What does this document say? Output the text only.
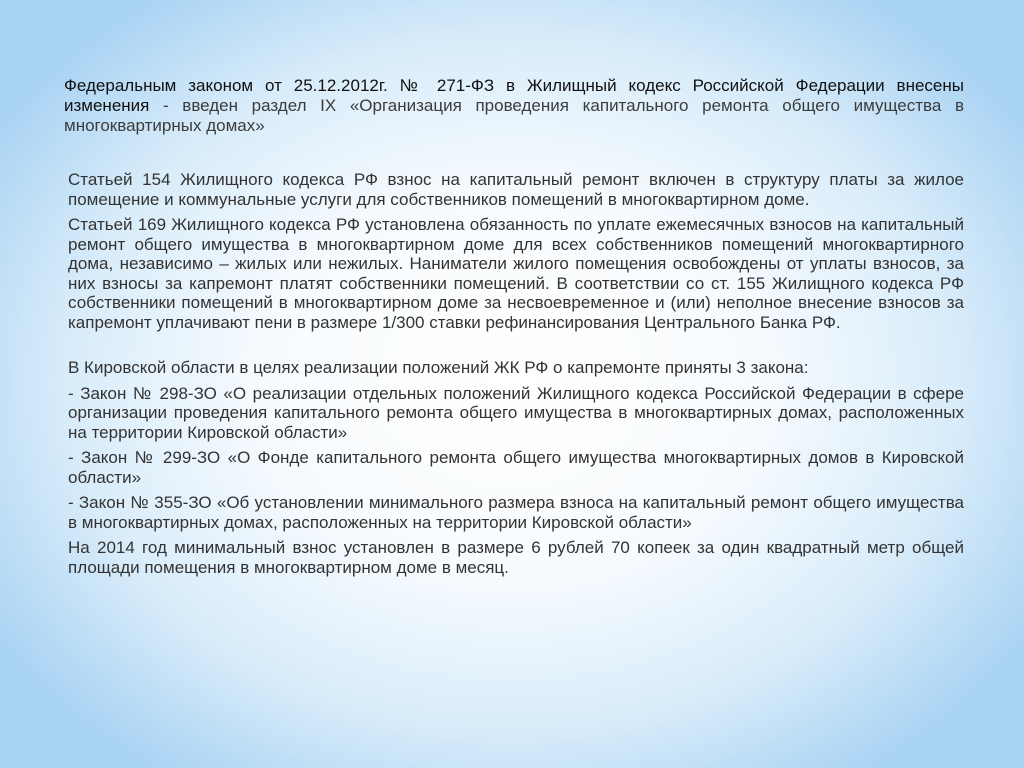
Федеральным законом от 25.12.2012г. № 271-ФЗ в Жилищный кодекс Российской Федерации внесены изменения - введен раздел IX «Организация проведения капитального ремонта общего имущества в многоквартирных домах»

Статьей 154 Жилищного кодекса РФ взнос на капитальный ремонт включен в структуру платы за жилое помещение и коммунальные услуги для собственников помещений в многоквартирном доме.

Статьей 169 Жилищного кодекса РФ установлена обязанность по уплате ежемесячных взносов на капитальный ремонт общего имущества в многоквартирном доме для всех собственников помещений многоквартирного дома, независимо – жилых или нежилых. Наниматели жилого помещения освобождены от уплаты взносов, за них взносы за капремонт платят собственники помещений. В соответствии со ст. 155 Жилищного кодекса РФ собственники помещений в многоквартирном доме за несвоевременное и (или) неполное внесение взносов за капремонт уплачивают пени в размере 1/300 ставки рефинансирования Центрального Банка РФ.

В Кировской области в целях реализации положений ЖК РФ о капремонте приняты 3 закона:

- Закон № 298-ЗО «О реализации отдельных положений Жилищного кодекса Российской Федерации в сфере организации проведения капитального ремонта общего имущества в многоквартирных домах, расположенных на территории Кировской области»

- Закон № 299-ЗО «О Фонде капитального ремонта общего имущества многоквартирных домов в Кировской области»

- Закон № 355-ЗО «Об установлении минимального размера взноса на капитальный ремонт общего имущества в многоквартирных домах, расположенных на территории Кировской области»

На 2014 год минимальный взнос установлен в размере 6 рублей 70 копеек за один квадратный метр общей площади помещения в многоквартирном доме в месяц.
